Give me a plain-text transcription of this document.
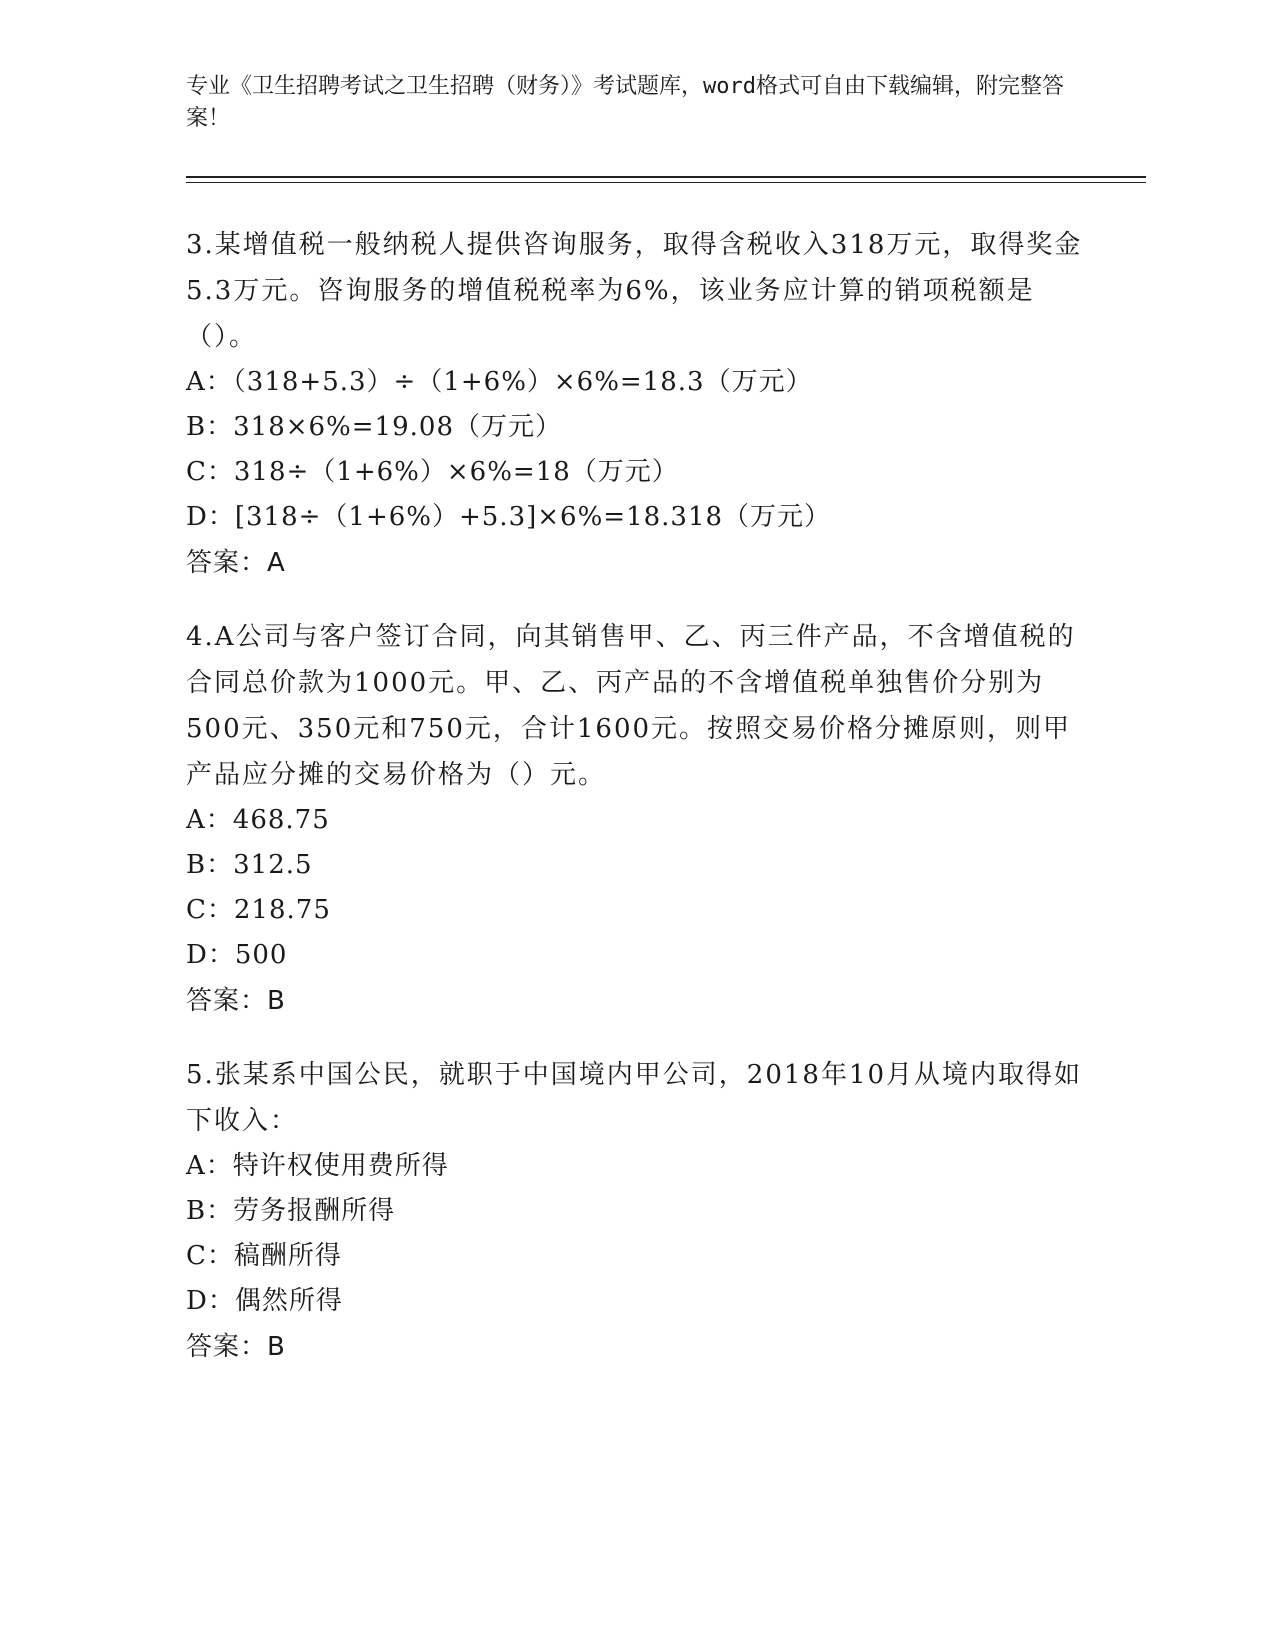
专业《卫生招聘考试之卫生招聘（财务）》考试题库，word格式可自由下载编辑，附完整答案！

3.某增值税一般纳税人提供咨询服务，取得含税收入318万元，取得奖金5.3万元。咨询服务的增值税税率为6%，该业务应计算的销项税额是（）。

A：（318+5.3）÷（1+6%）×6%=18.3（万元）

B：318×6%=19.08（万元）

C：318÷（1+6%）×6%=18（万元）

D：[318÷（1+6%）+5.3]×6%=18.318（万元）

答案：A

4.A公司与客户签订合同，向其销售甲、乙、丙三件产品，不含增值税的合同总价款为1000元。甲、乙、丙产品的不含增值税单独售价分别为500元、350元和750元，合计1600元。按照交易价格分摊原则，则甲产品应分摊的交易价格为（）元。

A：468.75

B：312.5

C：218.75

D：500

答案：B

5.张某系中国公民，就职于中国境内甲公司，2018年10月从境内取得如下收入：

A：特许权使用费所得

B：劳务报酬所得

C：稿酬所得

D：偶然所得

答案：B
